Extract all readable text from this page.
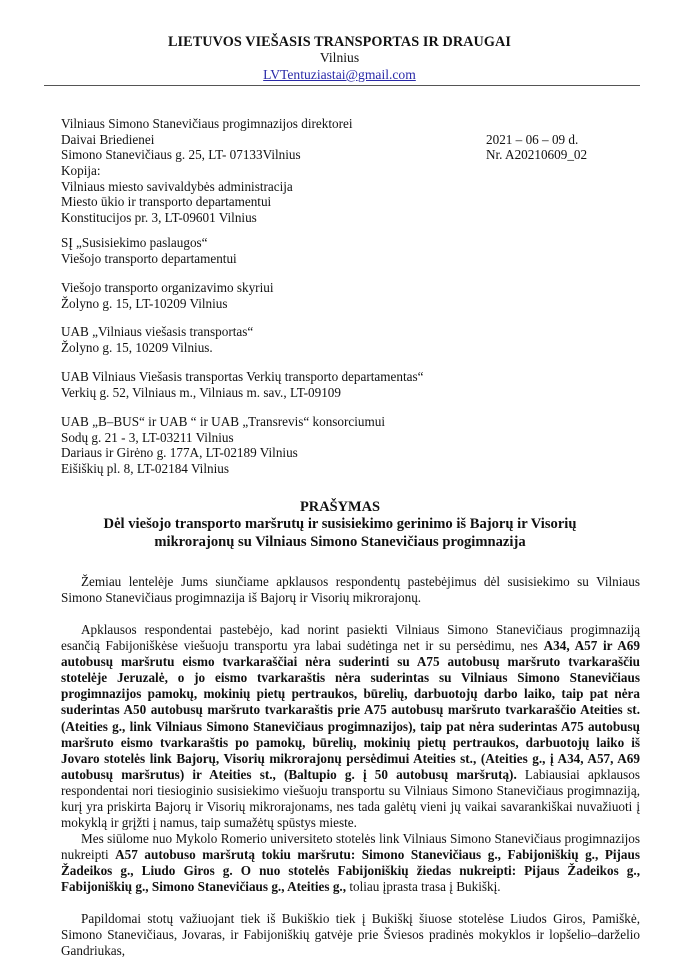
LIETUVOS VIEŠASIS TRANSPORTAS IR DRAUGAI
Vilnius
LVTentuziastai@gmail.com
Vilniaus Simono Stanevičiaus progimnazijos direktorei
Daivai Briedienei
Simono Stanevičiaus g. 25, LT- 07133Vilnius
2021 – 06 – 09 d.
Nr. A20210609_02
Kopija:
Vilniaus miesto savivaldybės administracija
Miesto ūkio ir transporto departamentui
Konstitucijos pr. 3, LT-09601 Vilnius
SĮ „Susisiekimo paslaugos“
Viešojo transporto departamentui
Viešojo transporto organizavimo skyriui
Žolyno g. 15, LT-10209 Vilnius
UAB „Vilniaus viešasis transportas“
Žolyno g. 15, 10209 Vilnius.
UAB Vilniaus Viešasis transportas Verkių transporto departamentas“
Verkių g. 52, Vilniaus m., Vilniaus m. sav., LT-09109
UAB „B–BUS“ ir UAB “ ir UAB „Transrevis“ konsorciumui
Sodų g. 21 - 3, LT-03211 Vilnius
Dariaus ir Girėno g. 177A, LT-02189 Vilnius
Eišiškių pl. 8, LT-02184 Vilnius
PRAŠYMAS
Dėl viešojo transporto maršrutų ir susisiekimo gerinimo iš Bajorų ir Visorių
mikrorajonų su Vilniaus Simono Stanevičiaus progimnazija
Žemiau lentelėje Jums siunčiame apklausos respondentų pastebėjimus dėl susisiekimo su Vilniaus Simono Stanevičiaus progimnazija iš Bajorų ir Visorių mikrorajonų.
Apklausos respondentai pastebėjo, kad norint pasiekti Vilniaus Simono Stanevičiaus progimnaziją esančią Fabijoniškėse viešuoju transportu yra labai sudėtinga net ir su persėdimu, nes A34, A57 ir A69 autobusų maršrutu eismo tvarkaraščiai nėra suderinti su A75 autobusų maršruto tvarkaraščiu stotelėje Jeruzalė, o jo eismo tvarkaraštis nėra suderintas su Vilniaus Simono Stanevičiaus progimnazijos pamokų, mokinių pietų pertraukos, būrelių, darbuotojų darbo laiko, taip pat nėra suderintas A50 autobusų maršruto tvarkaraštis prie A75 autobusų maršruto tvarkaraščio Ateities st. (Ateities g., link Vilniaus Simono Stanevičiaus progimnazijos), taip pat nėra suderintas A75 autobusų maršruto eismo tvarkaraštis po pamokų, būrelių, mokinių pietų pertraukos, darbuotojų laiko iš Jovaro stotelės link Bajorų, Visorių mikrorajonų persėdimui Ateities st., (Ateities g., į A34, A57, A69 autobusų maršrutus) ir Ateities st., (Baltupio g. į 50 autobusų maršrutą). Labiausiai apklausos respondentai nori tiesioginio susisiekimo viešuoju transportu su Vilniaus Simono Stanevičiaus progimnaziją, kurį yra priskirta Bajorų ir Visorių mikrorajonams, nes tada galėtų vieni jų vaikai savarankiškai nuvažiuoti į mokyklą ir grįžti į namus, taip sumažėtų spūstys mieste.
Mes siūlome nuo Mykolo Romerio universiteto stotelės link Vilniaus Simono Stanevičiaus progimnazijos nukreipti A57 autobuso maršrutą tokiu maršrutu: Simono Stanevičiaus g., Fabijoniškių g., Pijaus Žadeikos g., Liudo Giros g. O nuo stotelės Fabijoniškių žiedas nukreipti: Pijaus Žadeikos g., Fabijoniškių g., Simono Stanevičiaus g., Ateities g., toliau įprasta trasa į Bukiškį.
Papildomai stotų važiuojant tiek iš Bukiškio tiek į Bukiškį šiuose stotelėse Liudos Giros, Pamiškė, Simono Stanevičiaus, Jovaras, ir Fabijoniškių gatvėje prie Šviesos pradinės mokyklos ir lopšelio–darželio Gandriukas,
